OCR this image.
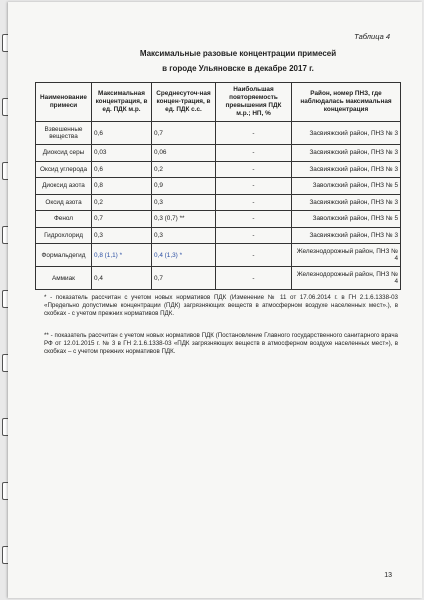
Таблица 4
Максимальные разовые концентрации примесей
в городе Ульяновске в декабре 2017 г.
Наименование примеси	Максимальная концентрация, в ед. ПДК м.р.	Среднесуточ-ная концен-трация, в ед. ПДК с.с.	Наибольшая повторяемость превышения ПДК м.р.; НП, %	Район, номер ПНЗ, где наблюдалась максимальная концентрация
Взвешенные вещества	0,6	0,7	-	Засвияжский район, ПНЗ № 3
Диоксид серы	0,03	0,06	-	Засвияжский район, ПНЗ № 3
Оксид углерода	0,6	0,2	-	Засвияжский район, ПНЗ № 3
Диоксид азота	0,8	0,9	-	Заволжский район, ПНЗ № 5
Оксид азота	0,2	0,3	-	Засвияжский район, ПНЗ № 3
Фенол	0,7	0,3 (0,7) **	-	Заволжский район, ПНЗ № 5
Гидрохлорид	0,3	0,3	-	Засвияжский район, ПНЗ № 3
Формальдегид	0,8 (1,1) *	0,4 (1,3) *	-	Железнодорожный район, ПНЗ № 4
Аммиак	0,4	0,7	-	Железнодорожный район, ПНЗ № 4
* - показатель рассчитан с учетом новых нормативов ПДК (Изменение № 11 от 17.06.2014 г. в ГН 2.1.6.1338-03 «Предельно допустимые концентрации (ПДК) загрязняющих веществ в атмосферном воздухе населенных мест».), в скобках - с учетом прежних нормативов ПДК.
** - показатель рассчитан с учетом новых нормативов ПДК (Постановление Главного государственного санитарного врача РФ от 12.01.2015 г. № 3 в ГН 2.1.6.1338-03 «ПДК загрязняющих веществ в атмосферном воздухе населенных мест»), в скобках – с учетом прежних нормативов ПДК.
13
